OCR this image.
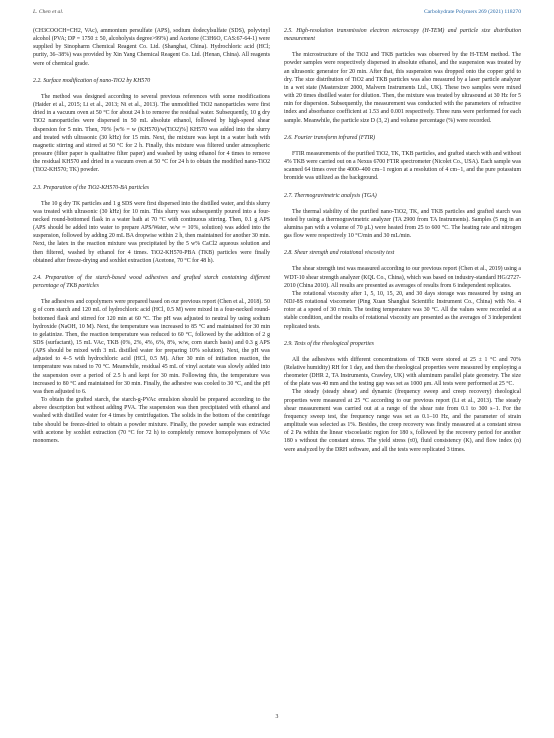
L. Chen et al.	Carbohydrate Polymers 269 (2021) 118270

(CH3COOCH=CH2, VAc), ammonium persulfate (APS), sodium dodecylsulfate (SDS), polyvinyl alcohol (PVA; DP = 1750 ± 50, alcoholysis degree>99%) and Acetone (C3H6O, CAS:67-64-1) were supplied by Sinopharm Chemical Reagent Co. Ltd. (Shanghai, China). Hydrochloric acid (HCl; purity, 36–38%) was provided by Xin Yang Chemical Reagent Co. Ltd. (Henan, China). All reagents were of chemical grade.

2.2. Surface modification of nano-TiO2 by KH570

The method was designed according to several previous references with some modifications (Haider et al., 2015; Li et al., 2013; Ni et al., 2013). The unmodified TiO2 nanoparticles were first dried in a vacuum oven at 50 °C for about 24 h to remove the residual water. Subsequently, 10 g dry TiO2 nanoparticles were dispersed in 50 mL absolute ethanol, followed by high-speed shear dispersion for 5 min. Then, 70% [w% = w (KH570)/w(TiO2)%] KH570 was added into the slurry and treated with ultrasonic (30 kHz) for 15 min. Next, the mixture was kept in a water bath with magnetic stirring and stirred at 50 °C for 2 h. Finally, this mixture was filtered under atmospheric pressure (filter paper is qualitative filter paper) and washed by using ethanol for 4 times to remove the residual KH570 and dried in a vacuum oven at 50 °C for 24 h to obtain the modified nano-TiO2 (TiO2-KH570; TK) powder.

2.3. Preparation of the TiO2-KH570-BA particles

The 10 g dry TK particles and 1 g SDS were first dispersed into the distilled water, and this slurry was treated with ultrasonic (30 kHz) for 10 min. This slurry was subsequently poured into a four-necked round-bottomed flask in a water bath at 70 °C with continuous stirring. Then, 0.1 g APS (APS should be added into water to prepare APS/Water, w/w = 10%, solution) was added into the suspension, followed by adding 20 mL BA dropwise within 2 h, then maintained for another 30 min. Next, the latex in the reaction mixture was precipitated by the 5 w% CaCl2 aqueous solution and then filtered, washed by ethanol for 4 times. TiO2-KH570-PBA (TKB) particles were finally obtained after freeze-drying and soxhlet extraction (Acetone, 70 °C for 48 h).

2.4. Preparation of the starch-based wood adhesives and grafted starch containing different percentage of TKB particles

The adhesives and copolymers were prepared based on our previous report (Chen et al., 2018). 50 g of corn starch and 120 mL of hydrochloric acid (HCl, 0.5 M) were mixed in a four-necked round-bottomed flask and stirred for 120 min at 60 °C. The pH was adjusted to neutral by using sodium hydroxide (NaOH, 10 M). Next, the temperature was increased to 85 °C and maintained for 30 min to gelatinize. Then, the reaction temperature was reduced to 60 °C, followed by the addition of 2 g SDS (surfactant), 15 mL VAc, TKB (0%, 2%, 4%, 6%, 8%, w/w, corn starch basis) and 0.3 g APS (APS should be mixed with 3 mL distilled water for preparing 10% solution). Next, the pH was adjusted to 4–5 with hydrochloric acid (HCl, 0.5 M). After 30 min of initiation reaction, the temperature was raised to 70 °C. Meanwhile, residual 45 mL of vinyl acetate was slowly added into the suspension over a period of 2.5 h and kept for 30 min. Following this, the temperature was increased to 80 °C and maintained for 30 min. Finally, the adhesive was cooled to 30 °C, and the pH was then adjusted to 6.

To obtain the grafted starch, the starch-g-PVAc emulsion should be prepared according to the above description but without adding PVA. The suspension was then precipitated with ethanol and washed with distilled water for 4 times by centrifugation. The solids in the bottom of the centrifuge tube should be freeze-dried to obtain a powder mixture. Finally, the powder sample was extracted with acetone by soxhlet extraction (70 °C for 72 h) to completely remove homopolymers of VAc monomers.

2.5. High-resolution transmission electron microscopy (H-TEM) and particle size distribution measurement

The microstructure of the TiO2 and TKB particles was observed by the H-TEM method. The powder samples were respectively dispersed in absolute ethanol, and the suspension was treated by an ultrasonic generator for 20 min. After that, this suspension was dropped onto the copper grid to dry. The size distribution of TiO2 and TKB particles was also measured by a laser particle analyzer in a wet state (Mastersizer 2000, Malvern Instruments Ltd., UK). These two samples were mixed with 20 times distilled water for dilution. Then, the mixture was treated by ultrasound at 30 Hz for 5 min for dispersion. Subsequently, the measurement was conducted with the parameters of refractive index and absorbance coefficient at 1.53 and 0.001 respectively. Three runs were performed for each sample. Meanwhile, the particle size D (3, 2) and volume percentage (%) were recorded.

2.6. Fourier transform infrared (FTIR)

FTIR measurements of the purified TiO2, TK, TKB particles, and grafted starch with and without 4% TKB were carried out on a Nexus 6700 FTIR spectrometer (Nicolet Co., USA). Each sample was scanned 64 times over the 4000–400 cm−1 region at a resolution of 4 cm−1, and the pure potassium bromide was utilized as the background.

2.7. Thermogravimetric analysis (TGA)

The thermal stability of the purified nano-TiO2, TK, and TKB particles and grafted starch was tested by using a thermogravimetric analyzer (TA 2900 from TA Instruments). Samples (5 mg in an alumina pan with a volume of 70 μL) were heated from 25 to 600 °C. The heating rate and nitrogen gas flow were respectively 10 °C/min and 30 mL/min.

2.8. Shear strength and rotational viscosity test

The shear strength test was measured according to our previous report (Chen et al., 2019) using a WDT-10 shear strength analyzer (KQL Co., China), which was based on industry-standard HG/2727-2010 (China 2010). All results are presented as averages of results from 6 independent replicates.

The rotational viscosity after 1, 5, 10, 15, 20, and 30 days storage was measured by using an NDJ-8S rotational viscometer (Ping Xuan Shanghai Scientific Instrument Co., China) with No. 4 rotor at a speed of 30 r/min. The testing temperature was 30 °C. All the values were recorded at a stable condition, and the results of rotational viscosity are presented as the averages of 3 independent replicated tests.

2.9. Tests of the rheological properties

All the adhesives with different concentrations of TKB were stored at 25 ± 1 °C and 70% (Relative humidity) RH for 1 day, and then the rheological properties were measured by employing a rheometer (DHR 2, TA Instruments, Crawley, UK) with aluminum parallel plate geometry. The size of the plate was 40 mm and the testing gap was set as 1000 μm. All tests were performed at 25 °C.

The steady (steady shear) and dynamic (frequency sweep and creep recovery) rheological properties were measured at 25 °C according to our previous report (Li et al., 2013). The steady shear measurement was carried out at a range of the shear rate from 0.1 to 300 s−1. For the frequency sweep test, the frequency range was set as 0.1–10 Hz, and the parameter of strain amplitude was selected as 1%. Besides, the creep recovery was firstly measured at a constant stress of 2 Pa within the linear viscoelastic region for 180 s, followed by the recovery period for another 180 s without the constant stress. The yield stress (τ0), fluid consistency (K), and flow index (n) were analyzed by the DRH software, and all the tests were replicated 3 times.

3
